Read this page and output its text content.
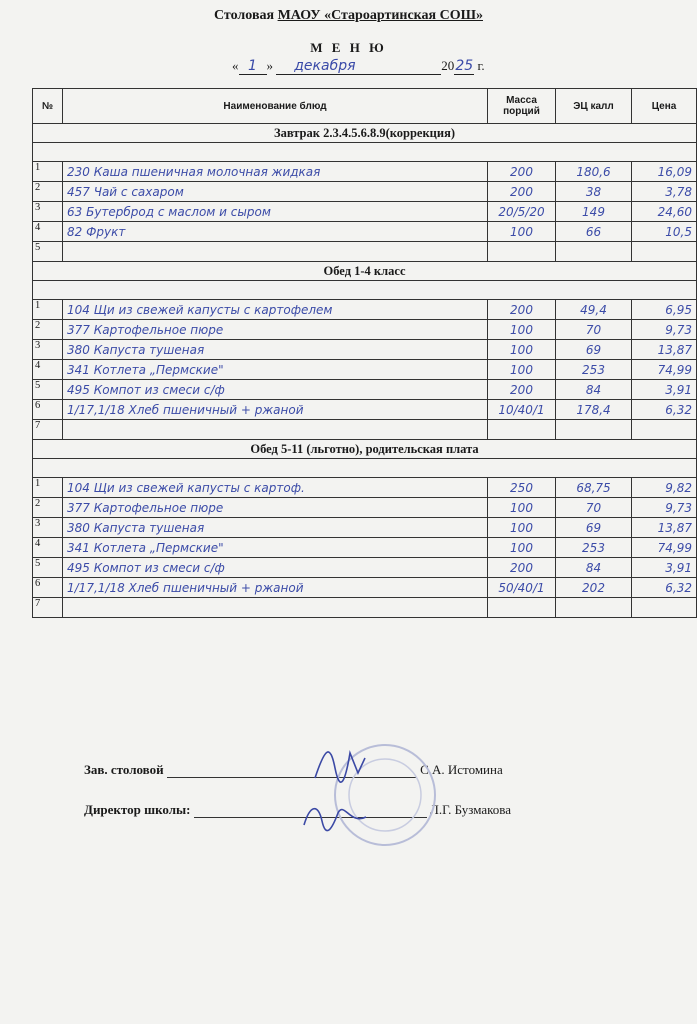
Столовая МАОУ «Староартинская СОШ»
М Е Н Ю
« 1 » декабря	2025 г.
№	Наименование блюд	Масса порций	ЭЦ калл	Цена
Завтрак 2.3.4.5.6.8.9(коррекция)				

1	230 Каша пшеничная молочная жидкая	200	180,6	16,09
2	457 Чай с сахаром	200	38	3,78
3	63 Бутерброд с маслом и сыром	20/5/20	149	24,60
4	82 Фрукт	100	66	10,5
5				
Обед 1-4 класс				

1	104 Щи из свежей капусты с картофелем	200	49,4	6,95
2	377 Картофельное пюре	100	70	9,73
3	380 Капуста тушеная	100	69	13,87
4	341 Котлета „Пермские"	100	253	74,99
5	495 Компот из смеси с/ф	200	84	3,91
6	1/17,1/18 Хлеб пшеничный + ржаной	10/40/1	178,4	6,32
7				
Обед 5-11 (льготно), родительская плата				

1	104 Щи из свежей капусты с картоф.	250	68,75	9,82
2	377 Картофельное пюре	100	70	9,73
3	380 Капуста тушеная	100	69	13,87
4	341 Котлета „Пермские"	100	253	74,99
5	495 Компот из смеси с/ф	200	84	3,91
6	1/17,1/18 Хлеб пшеничный + ржаной	50/40/1	202	6,32
7				
Зав. столовой	С.А. Истомина
Директор школы:	Л.Г. Бузмакова
